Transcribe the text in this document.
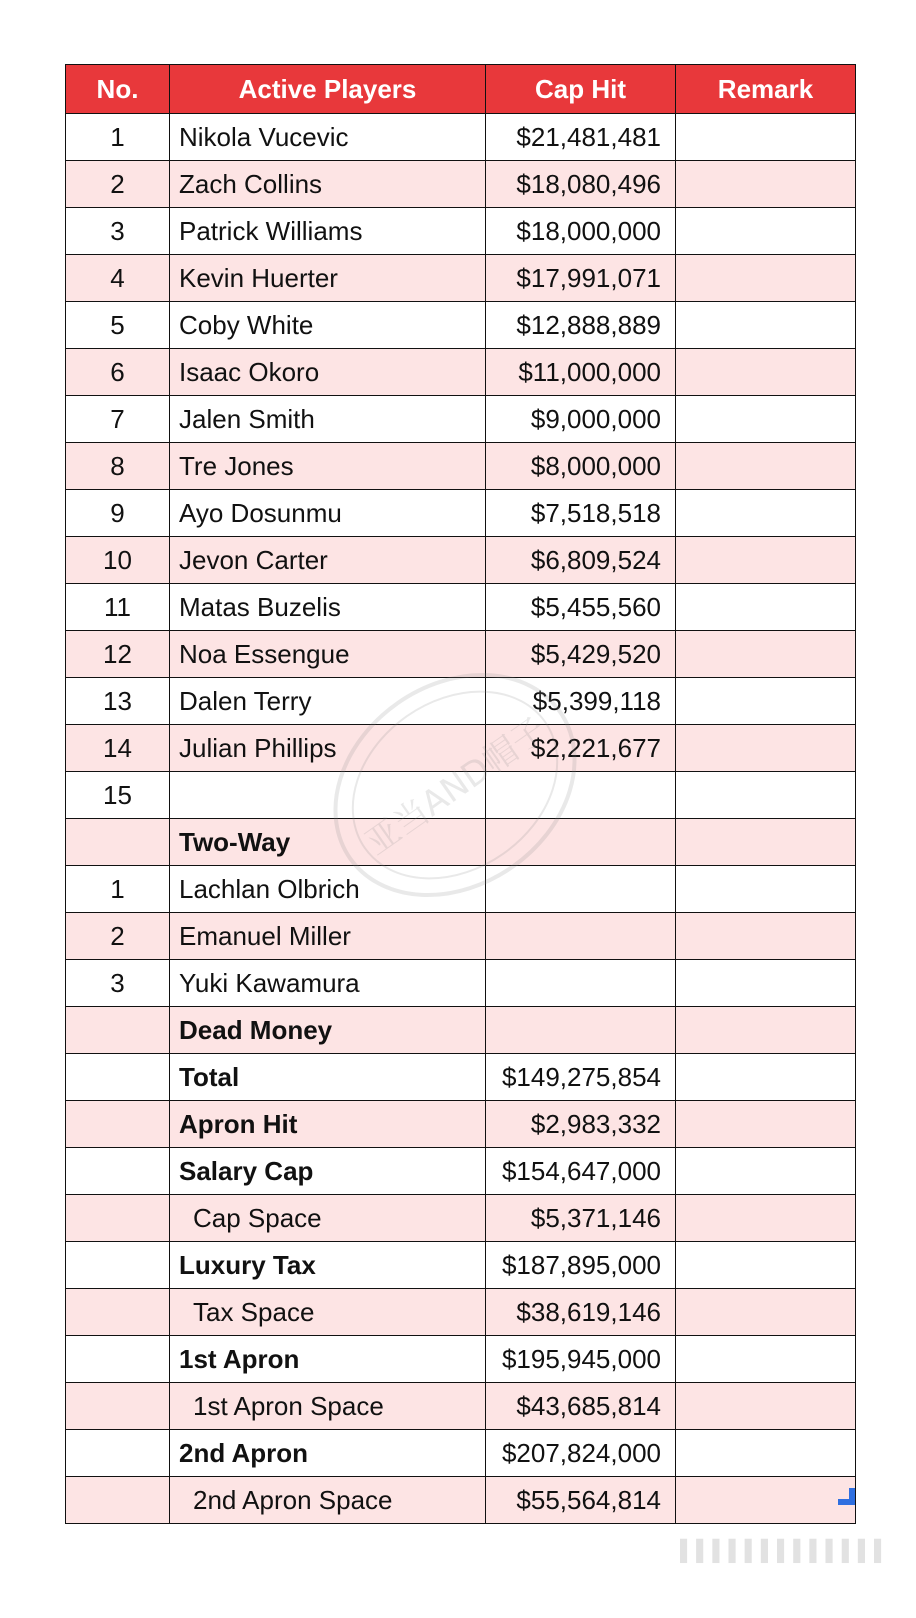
No.	Active Players	Cap Hit	Remark
1	Nikola Vucevic	$21,481,481	
2	Zach Collins	$18,080,496	
3	Patrick Williams	$18,000,000	
4	Kevin Huerter	$17,991,071	
5	Coby White	$12,888,889	
6	Isaac Okoro	$11,000,000	
7	Jalen Smith	$9,000,000	
8	Tre Jones	$8,000,000	
9	Ayo Dosunmu	$7,518,518	
10	Jevon Carter	$6,809,524	
11	Matas Buzelis	$5,455,560	
12	Noa Essengue	$5,429,520	
13	Dalen Terry	$5,399,118	
14	Julian Phillips	$2,221,677	
15			
	Two-Way		
1	Lachlan Olbrich		
2	Emanuel Miller		
3	Yuki Kawamura		
	Dead Money		
	Total	$149,275,854	
	Apron Hit	$2,983,332	
	Salary Cap	$154,647,000	
	Cap Space	$5,371,146	
	Luxury Tax	$187,895,000	
	Tax Space	$38,619,146	
	1st Apron	$195,945,000	
	1st Apron Space	$43,685,814	
	2nd Apron	$207,824,000	
	2nd Apron Space	$55,564,814	
▌▌▌▌▌▌▌▌▌▌▌▌▌
